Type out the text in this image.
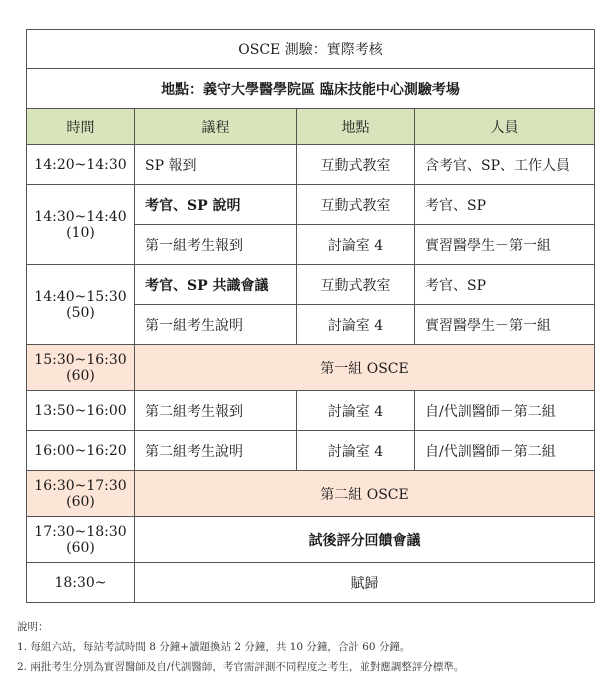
OSCE 測驗：實際考核			
地點：義守大學醫學院區 臨床技能中心測驗考場			
時間	議程	地點	人員
14:20~14:30	SP 報到	互動式教室	含考官、SP、工作人員

14:30~14:40
(10)	考官、SP 說明	互動式教室	考官、SP
	第一組考生報到	討論室 4	實習醫學生－第一組

14:40~15:30
(50)	考官、SP 共識會議	互動式教室	考官、SP
	第一組考生說明	討論室 4	實習醫學生－第一組

15:30~16:30
(60)	第一組 OSCE		
13:50~16:00	第二組考生報到	討論室 4	自/代訓醫師－第二組
16:00~16:20	第二組考生說明	討論室 4	自/代訓醫師－第二組

16:30~17:30
(60)	第二組 OSCE		

17:30~18:30
(60)	試後評分回饋會議		
18:30~	賦歸		
說明：
1. 每組六站，每站考試時間 8 分鐘+讀題換站 2 分鐘，共 10 分鐘，合計 60 分鐘。
2. 兩批考生分別為實習醫師及自/代訓醫師，考官需評測不同程度之考生，並對應調整評分標準。
